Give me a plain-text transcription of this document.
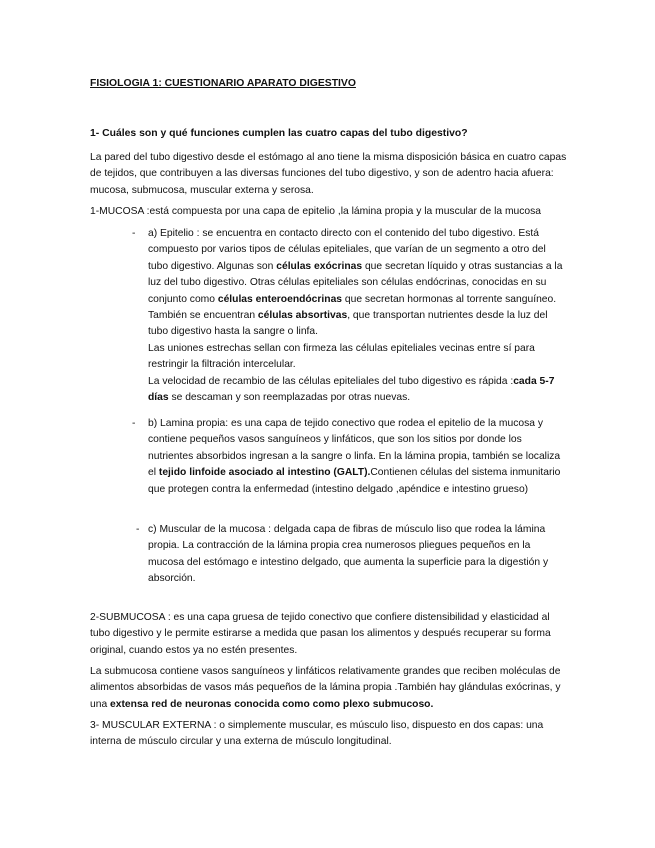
FISIOLOGIA 1: CUESTIONARIO APARATO DIGESTIVO

1- Cuáles son y qué funciones cumplen las cuatro capas del tubo digestivo?

La pared del tubo digestivo desde el estómago al ano tiene la misma disposición básica en cuatro capas de tejidos, que contribuyen a las diversas funciones del tubo digestivo, y son de adentro hacia afuera: mucosa, submucosa, muscular externa y serosa.

1-MUCOSA :está compuesta por una capa de epitelio ,la lámina propia y la muscular de la mucosa

- a) Epitelio : se encuentra en contacto directo con el contenido del tubo digestivo. Está compuesto por varios tipos de células epiteliales, que varían de un segmento a otro del tubo digestivo. Algunas son células exócrinas que secretan líquido y otras sustancias a la luz del tubo digestivo. Otras células epiteliales son células endócrinas, conocidas en su conjunto como células enteroendócrinas que secretan hormonas al torrente sanguíneo. También se encuentran células absortivas, que transportan nutrientes desde la luz del tubo digestivo hasta la sangre o linfa.
Las uniones estrechas sellan con firmeza las células epiteliales vecinas entre sí para restringir la filtración intercelular.
La velocidad de recambio de las células epiteliales del tubo digestivo es rápida :cada 5-7 días se descaman y son reemplazadas por otras nuevas.

- b) Lamina propia: es una capa de tejido conectivo que rodea el epitelio de la mucosa y contiene pequeños vasos sanguíneos y linfáticos, que son los sitios por donde los nutrientes absorbidos ingresan a la sangre o linfa. En la lámina propia, también se localiza el tejido linfoide asociado al intestino (GALT).Contienen células del sistema inmunitario que protegen contra la enfermedad (intestino delgado ,apéndice e intestino grueso)

- c) Muscular de la mucosa : delgada capa de fibras de músculo liso que rodea la lámina propia. La contracción de la lámina propia crea numerosos pliegues pequeños en la mucosa del estómago e intestino delgado, que aumenta la superficie para la digestión y absorción.

2-SUBMUCOSA : es una capa gruesa de tejido conectivo que confiere distensibilidad y elasticidad al tubo digestivo y le permite estirarse a medida que pasan los alimentos y después recuperar su forma original, cuando estos ya no estén presentes.

La submucosa contiene vasos sanguíneos y linfáticos relativamente grandes que reciben moléculas de alimentos absorbidas de vasos más pequeños de la lámina propia .También hay glándulas exócrinas, y una extensa red de neuronas conocida como como plexo submucoso.

3- MUSCULAR EXTERNA : o simplemente muscular, es músculo liso, dispuesto en dos capas: una interna de músculo circular y una externa de músculo longitudinal.
